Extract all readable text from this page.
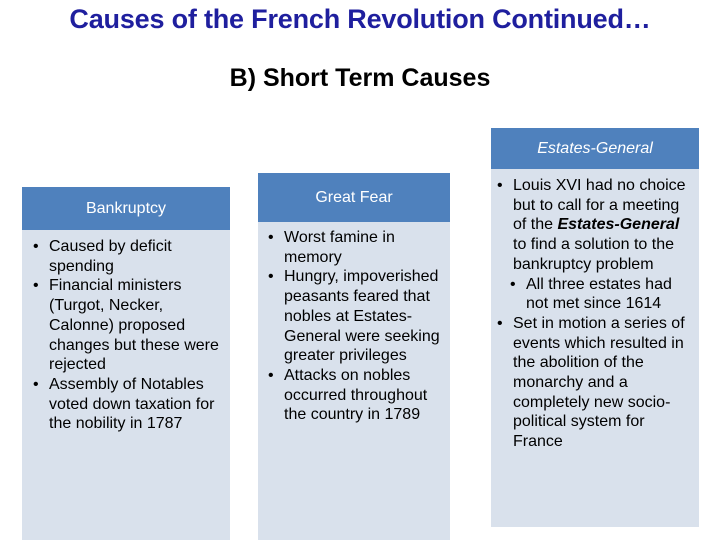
Causes of the French Revolution Continued…
B) Short Term Causes
Bankruptcy
• Caused by deficit spending
• Financial ministers (Turgot, Necker, Calonne) proposed changes but these were rejected
• Assembly of Notables voted down taxation for the nobility in 1787
Great Fear
• Worst famine in memory
• Hungry, impoverished peasants feared that nobles at Estates-General were seeking greater privileges
• Attacks on nobles occurred throughout the country in 1789
Estates-General
• Louis XVI had no choice but to call for a meeting of the Estates-General to find a solution to the bankruptcy problem
• All three estates had not met since 1614
• Set in motion a series of events which resulted in the abolition of the monarchy and a completely new socio-political system for France
